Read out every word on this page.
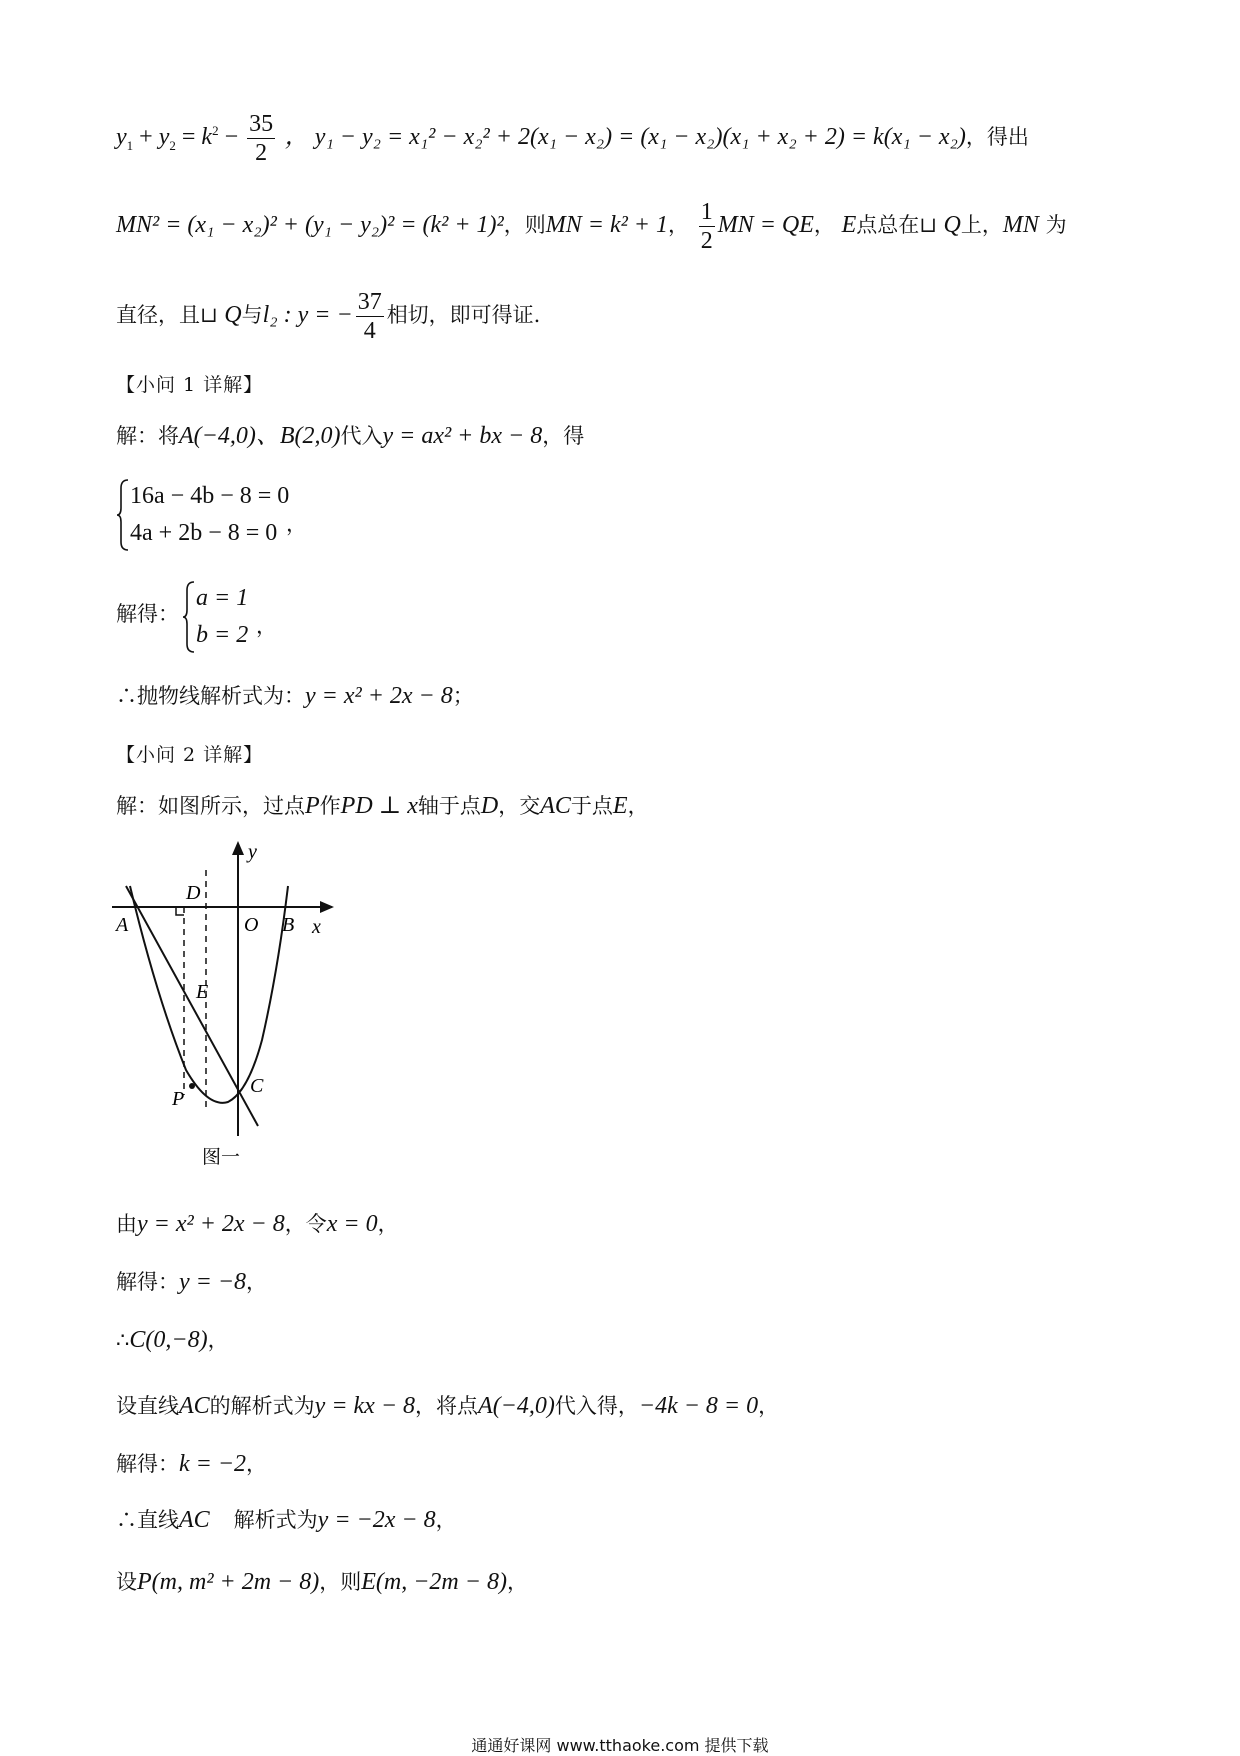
$y_1 + y_2 = k^2 - \frac{35}{2}$ ， y₁ − y₂ = x₁² − x₂² + 2(x₁ − x₂) = (x₁ − x₂)(x₁ + x₂ + 2) = k(x₁ − x₂)，得出
MN² = (x₁ − x₂)² + (y₁ − y₂)² = (k² + 1)²，则MN = k² + 1， $\frac{1}{2}$ MN = QE， E点总在⊔ Q上，MN 为
直径，且⊔ Q与l₂ : y = − $\frac{37}{4}$ 相切，即可得证.
【小问 1 详解】
解：将A(−4,0)、B(2,0)代入y = ax² + bx − 8，得
16a − 4b − 8 = 0
4a + 2b − 8 = 0 ，
解得：
a = 1
b = 2 ，
∴抛物线解析式为：y = x² + 2x − 8；
【小问 2 详解】
解：如图所示，过点P作PD ⊥ x轴于点D，交AC于点E，
y
x
A	B
O
D
E
P
C
图一
由y = x² + 2x − 8，令x = 0，
解得：y = −8，
∴C(0,−8)，
设直线AC的解析式为y = kx − 8，将点A(−4,0)代入得，−4k − 8 = 0，
解得：k = −2，
∴直线AC 解析式为y = −2x − 8，
设P(m, m² + 2m − 8)，则E(m, −2m − 8)，
通通好课网 www.tthaoke.com 提供下载
